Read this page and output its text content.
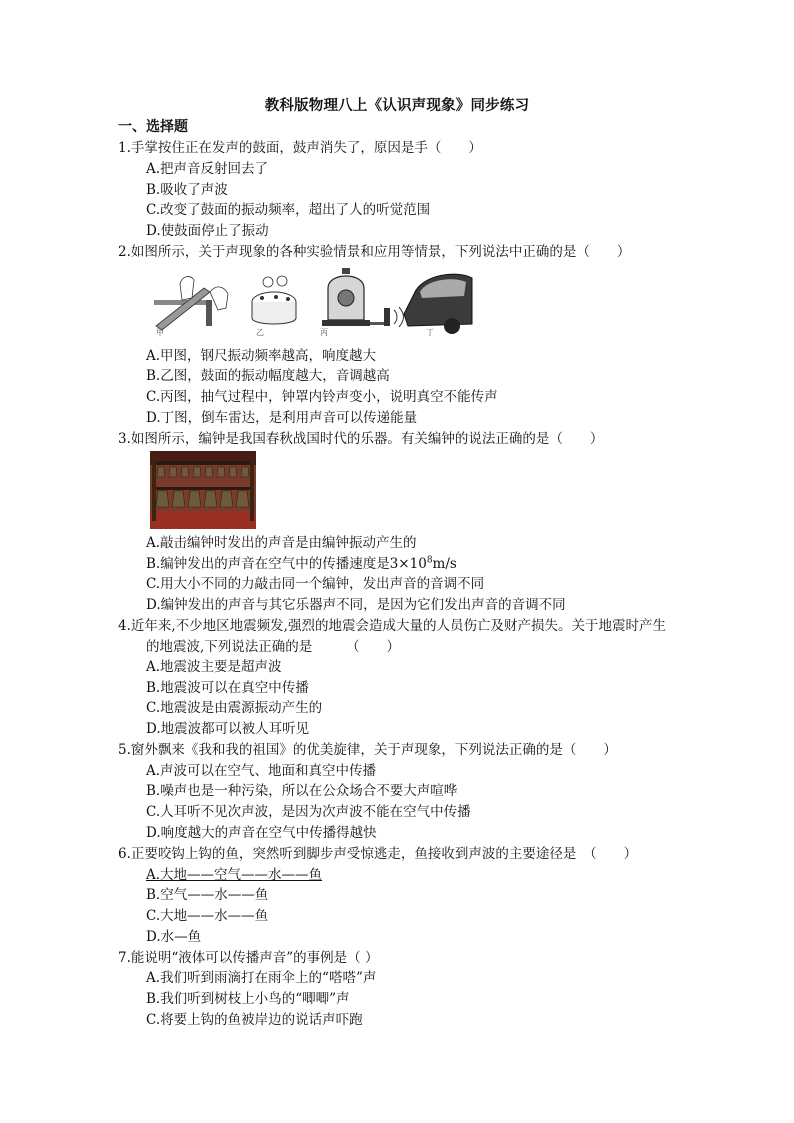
教科版物理八上《认识声现象》同步练习
一、选择题
1.手掌按住正在发声的鼓面，鼓声消失了，原因是手（　　）
A.把声音反射回去了
B.吸收了声波
C.改变了鼓面的振动频率，超出了人的听觉范围
D.使鼓面停止了振动
2.如图所示，关于声现象的各种实验情景和应用等情景，下列说法中正确的是（　　）
甲	乙	丙	丁
A.甲图，钢尺振动频率越高，响度越大
B.乙图，鼓面的振动幅度越大，音调越高
C.丙图，抽气过程中，钟罩内铃声变小，说明真空不能传声
D.丁图，倒车雷达，是利用声音可以传递能量
3.如图所示，编钟是我国春秋战国时代的乐器。有关编钟的说法正确的是（　　）
A.敲击编钟时发出的声音是由编钟振动产生的
B.编钟发出的声音在空气中的传播速度是$3\times 10^8m/s$
C.用大小不同的力敲击同一个编钟，发出声音的音调不同
D.编钟发出的声音与其它乐器声不同，是因为它们发出声音的音调不同
4.近年来,不少地区地震频发,强烈的地震会造成大量的人员伤亡及财产损失。关于地震时产生
的地震波,下列说法正确的是　　　（　　）
A.地震波主要是超声波
B.地震波可以在真空中传播
C.地震波是由震源振动产生的
D.地震波都可以被人耳听见
5.窗外飘来《我和我的祖国》的优美旋律，关于声现象，下列说法正确的是（　　）
A.声波可以在空气、地面和真空中传播
B.噪声也是一种污染，所以在公众场合不要大声喧哗
C.人耳听不见次声波，是因为次声波不能在空气中传播
D.响度越大的声音在空气中传播得越快
6.正要咬钩上钩的鱼，突然听到脚步声受惊逃走，鱼接收到声波的主要途径是　（　　）
A.大地——空气——水——鱼
B.空气——水——鱼
C.大地——水——鱼
D.水—鱼
7.能说明“液体可以传播声音”的事例是（ ）
A.我们听到雨滴打在雨伞上的“嗒嗒”声
B.我们听到树枝上小鸟的“唧唧”声
C.将要上钩的鱼被岸边的说话声吓跑
